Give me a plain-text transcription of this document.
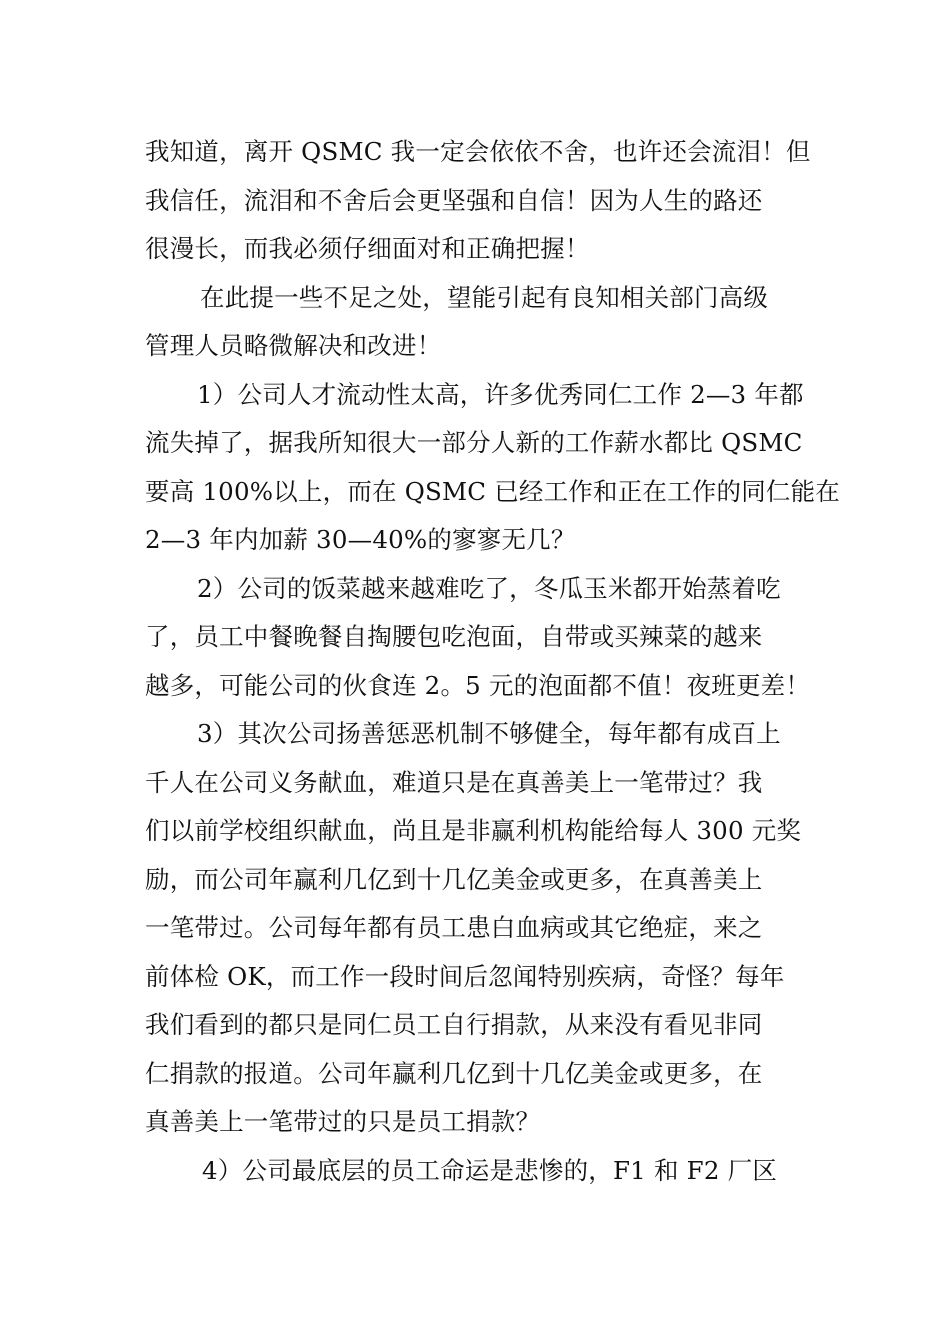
我知道，离开 QSMC 我一定会依依不舍，也许还会流泪！但
我信任，流泪和不舍后会更坚强和自信！因为人生的路还
很漫长，而我必须仔细面对和正确把握！
在此提一些不足之处，望能引起有良知相关部门高级
管理人员略微解决和改进！
1）公司人才流动性太高，许多优秀同仁工作 2—3 年都
流失掉了，据我所知很大一部分人新的工作薪水都比 QSMC
要高 100%以上，而在 QSMC 已经工作和正在工作的同仁能在
2—3 年内加薪 30—40%的寥寥无几？
2）公司的饭菜越来越难吃了，冬瓜玉米都开始蒸着吃
了，员工中餐晚餐自掏腰包吃泡面，自带或买辣菜的越来
越多，可能公司的伙食连 2。5 元的泡面都不值！夜班更差！
3）其次公司扬善惩恶机制不够健全，每年都有成百上
千人在公司义务献血，难道只是在真善美上一笔带过？我
们以前学校组织献血，尚且是非赢利机构能给每人 300 元奖
励，而公司年赢利几亿到十几亿美金或更多，在真善美上
一笔带过。公司每年都有员工患白血病或其它绝症，来之
前体检 OK，而工作一段时间后忽闻特别疾病，奇怪？每年
我们看到的都只是同仁员工自行捐款，从来没有看见非同
仁捐款的报道。公司年赢利几亿到十几亿美金或更多，在
真善美上一笔带过的只是员工捐款？
4）公司最底层的员工命运是悲惨的，F1 和 F2 厂区
